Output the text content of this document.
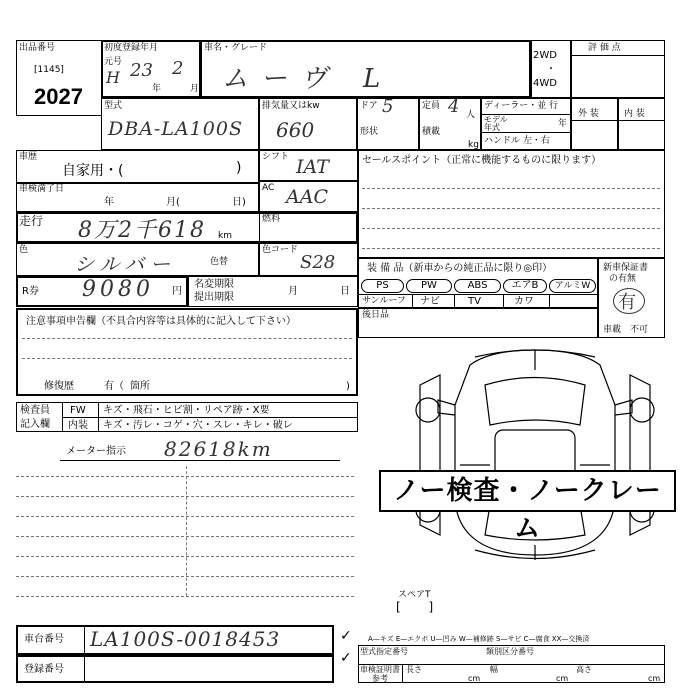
出品番号
[1145]
2027
初度登録年月
元号
H 23
年
2
月
車名・グレード
ムーヴ L
2WD
・
4WD
評 価 点
型式
DBA-LA100S
排気量又はkw
660
ドア 5
形状
定員 4 人
積載
kg
ディーラー・並 行
モデル 年式	年
ハンドル 左・右
外 装	内 装
車歴
自家用・(	)
車検満了日
年	月(	日)
走行 8万2千618 km
シフト IAT
AC AAC
燃料
色
シルバー	色替
色コード
S28
R券 9080 円
名変期限
提出期限
月	日
セールスポイント（正常に機能するものに限ります）
装 備 品（新車からの純正品に限り◎印）
PS	PW	ABS	エアB	アルミW
サンルーフ ナビ	TV	カワ
後日品
新車保証書
の有無
有
車載 不可
注意事項申告欄（不具合内容等は具体的に記入して下さい）
修復歴	有（ 箇所	)
検査員
記入欄
FW キズ・飛石・ヒビ割・リペア跡・X要
内装 キズ・汚レ・コゲ・穴・スレ・キレ・破レ
メーター指示 82618km
ノー検査・ノークレーム
スペアT
[ ]
車台番号 LA100S-0018453
登録番号
✓
✓
A—キズ E—エクボ U—凹み W—補修跡 S—サビ C—腐食 XX—交換済
型式指定番号	類別区分番号
車検証明書
参考
長さ
cm
幅
cm
高さ
cm
